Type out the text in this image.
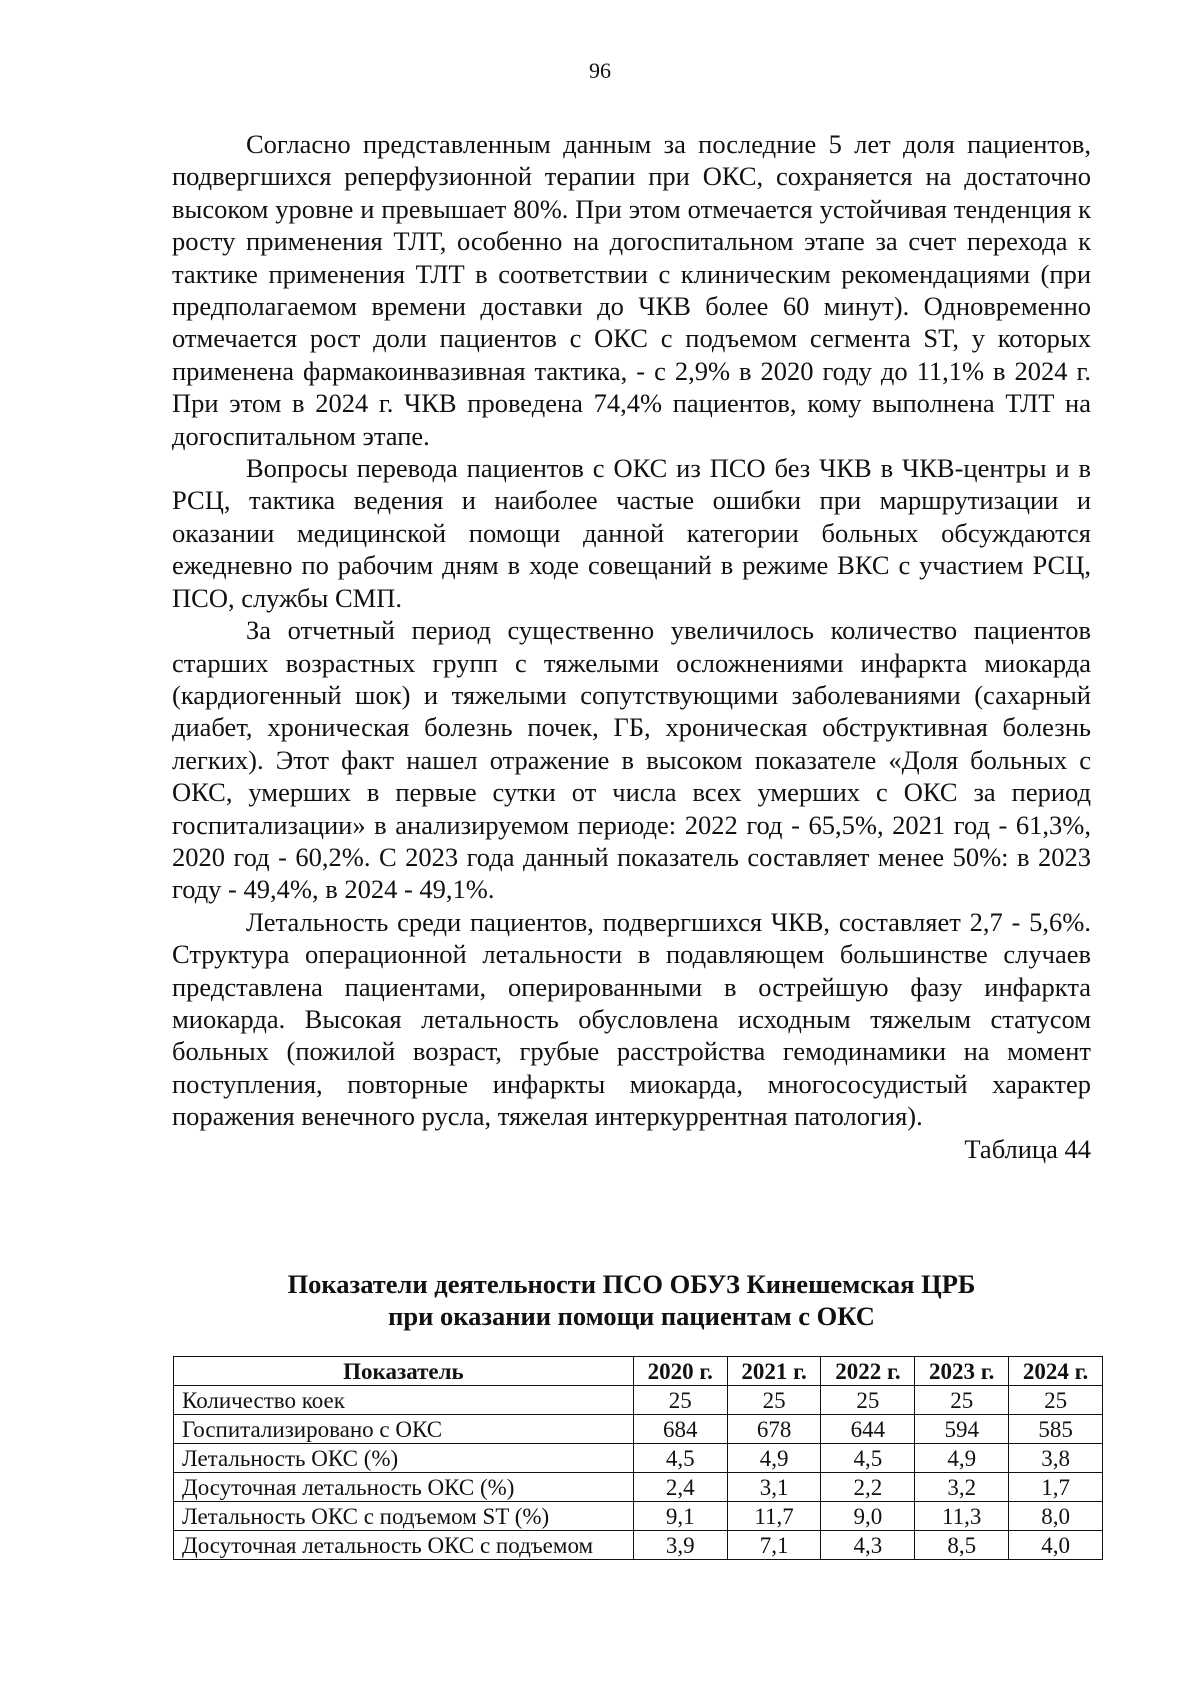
96

Согласно представленным данным за последние 5 лет доля пациентов, подвергшихся реперфузионной терапии при ОКС, сохраняется на достаточно высоком уровне и превышает 80%. При этом отмечается устойчивая тенденция к росту применения ТЛТ, особенно на догоспитальном этапе за счет перехода к тактике применения ТЛТ в соответствии с клиническим рекомендациями (при предполагаемом времени доставки до ЧКВ более 60 минут). Одновременно отмечается рост доли пациентов с ОКС с подъемом сегмента ST, у которых применена фармакоинвазивная тактика, - с 2,9% в 2020 году до 11,1% в 2024 г. При этом в 2024 г. ЧКВ проведена 74,4% пациентов, кому выполнена ТЛТ на догоспитальном этапе.

Вопросы перевода пациентов с ОКС из ПСО без ЧКВ в ЧКВ-центры и в РСЦ, тактика ведения и наиболее частые ошибки при маршрутизации и оказании медицинской помощи данной категории больных обсуждаются ежедневно по рабочим дням в ходе совещаний в режиме ВКС с участием РСЦ, ПСО, службы СМП.

За отчетный период существенно увеличилось количество пациентов старших возрастных групп с тяжелыми осложнениями инфаркта миокарда (кардиогенный шок) и тяжелыми сопутствующими заболеваниями (сахарный диабет, хроническая болезнь почек, ГБ, хроническая обструктивная болезнь легких). Этот факт нашел отражение в высоком показателе «Доля больных с ОКС, умерших в первые сутки от числа всех умерших с ОКС за период госпитализации» в анализируемом периоде: 2022 год - 65,5%, 2021 год - 61,3%, 2020 год - 60,2%. С 2023 года данный показатель составляет менее 50%: в 2023 году - 49,4%, в 2024 - 49,1%.

Летальность среди пациентов, подвергшихся ЧКВ, составляет 2,7 - 5,6%. Структура операционной летальности в подавляющем большинстве случаев представлена пациентами, оперированными в острейшую фазу инфаркта миокарда. Высокая летальность обусловлена исходным тяжелым статусом больных (пожилой возраст, грубые расстройства гемодинамики на момент поступления, повторные инфаркты миокарда, многососудистый характер поражения венечного русла, тяжелая интеркуррентная патология).

Таблица 44

Показатели деятельности ПСО ОБУЗ Кинешемская ЦРБ
при оказании помощи пациентам с ОКС
Показатель	2020 г.	2021 г.	2022 г.	2023 г.	2024 г.
Количество коек	25	25	25	25	25
Госпитализировано с ОКС	684	678	644	594	585
Летальность ОКС (%)	4,5	4,9	4,5	4,9	3,8
Досуточная летальность ОКС (%)	2,4	3,1	2,2	3,2	1,7
Летальность ОКС с подъемом ST (%)	9,1	11,7	9,0	11,3	8,0
Досуточная летальность ОКС с подъемом	3,9	7,1	4,3	8,5	4,0
